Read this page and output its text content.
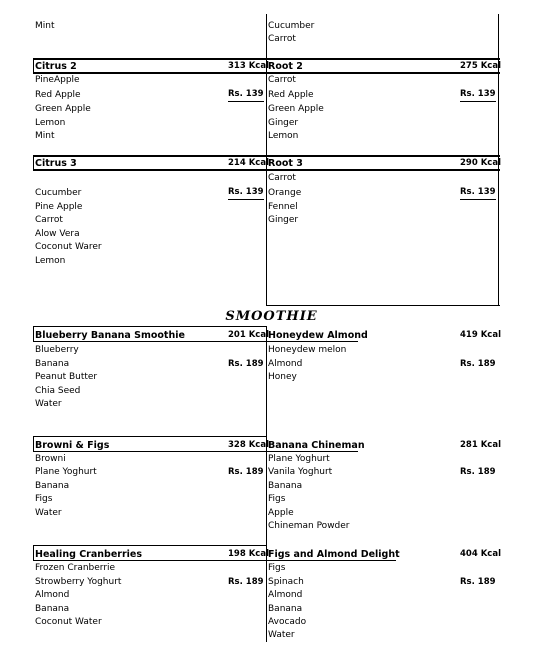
Mint	Cucumber
Carrot
Citrus 2	313 Kcal Root 2	275 Kcal
PineApple
Red Apple
Green Apple
Lemon
Mint
Rs. 139
Carrot
Red Apple
Green Apple
Ginger
Lemon
Rs. 139
Citrus 3	214 Kcal Root 3	290 Kcal
Cucumber
Pine Apple
Carrot
Alow Vera
Coconut Warer
Lemon
Rs. 139
Carrot
Orange
Fennel
Ginger
Rs. 139
SMOOTHIE
Blueberry Banana Smoothie	201 Kcal Honeydew Almond	419 Kcal
Blueberry
Banana
Peanut Butter
Chia Seed
Water
Rs. 189
Honeydew melon
Almond
Honey
Rs. 189
Browni & Figs	328 Kcal Banana Chineman	281 Kcal
Browni
Plane Yoghurt
Banana
Figs
Water
Rs. 189
Plane Yoghurt
Vanila Yoghurt
Banana
Figs
Apple
Chineman Powder
Rs. 189
Healing Cranberries	198 Kcal Figs and Almond Delight	404 Kcal
Frozen Cranberrie
Strowberry Yoghurt
Almond
Banana
Coconut Water
Rs. 189
Figs
Spinach
Almond
Banana
Avocado
Water
Rs. 189
